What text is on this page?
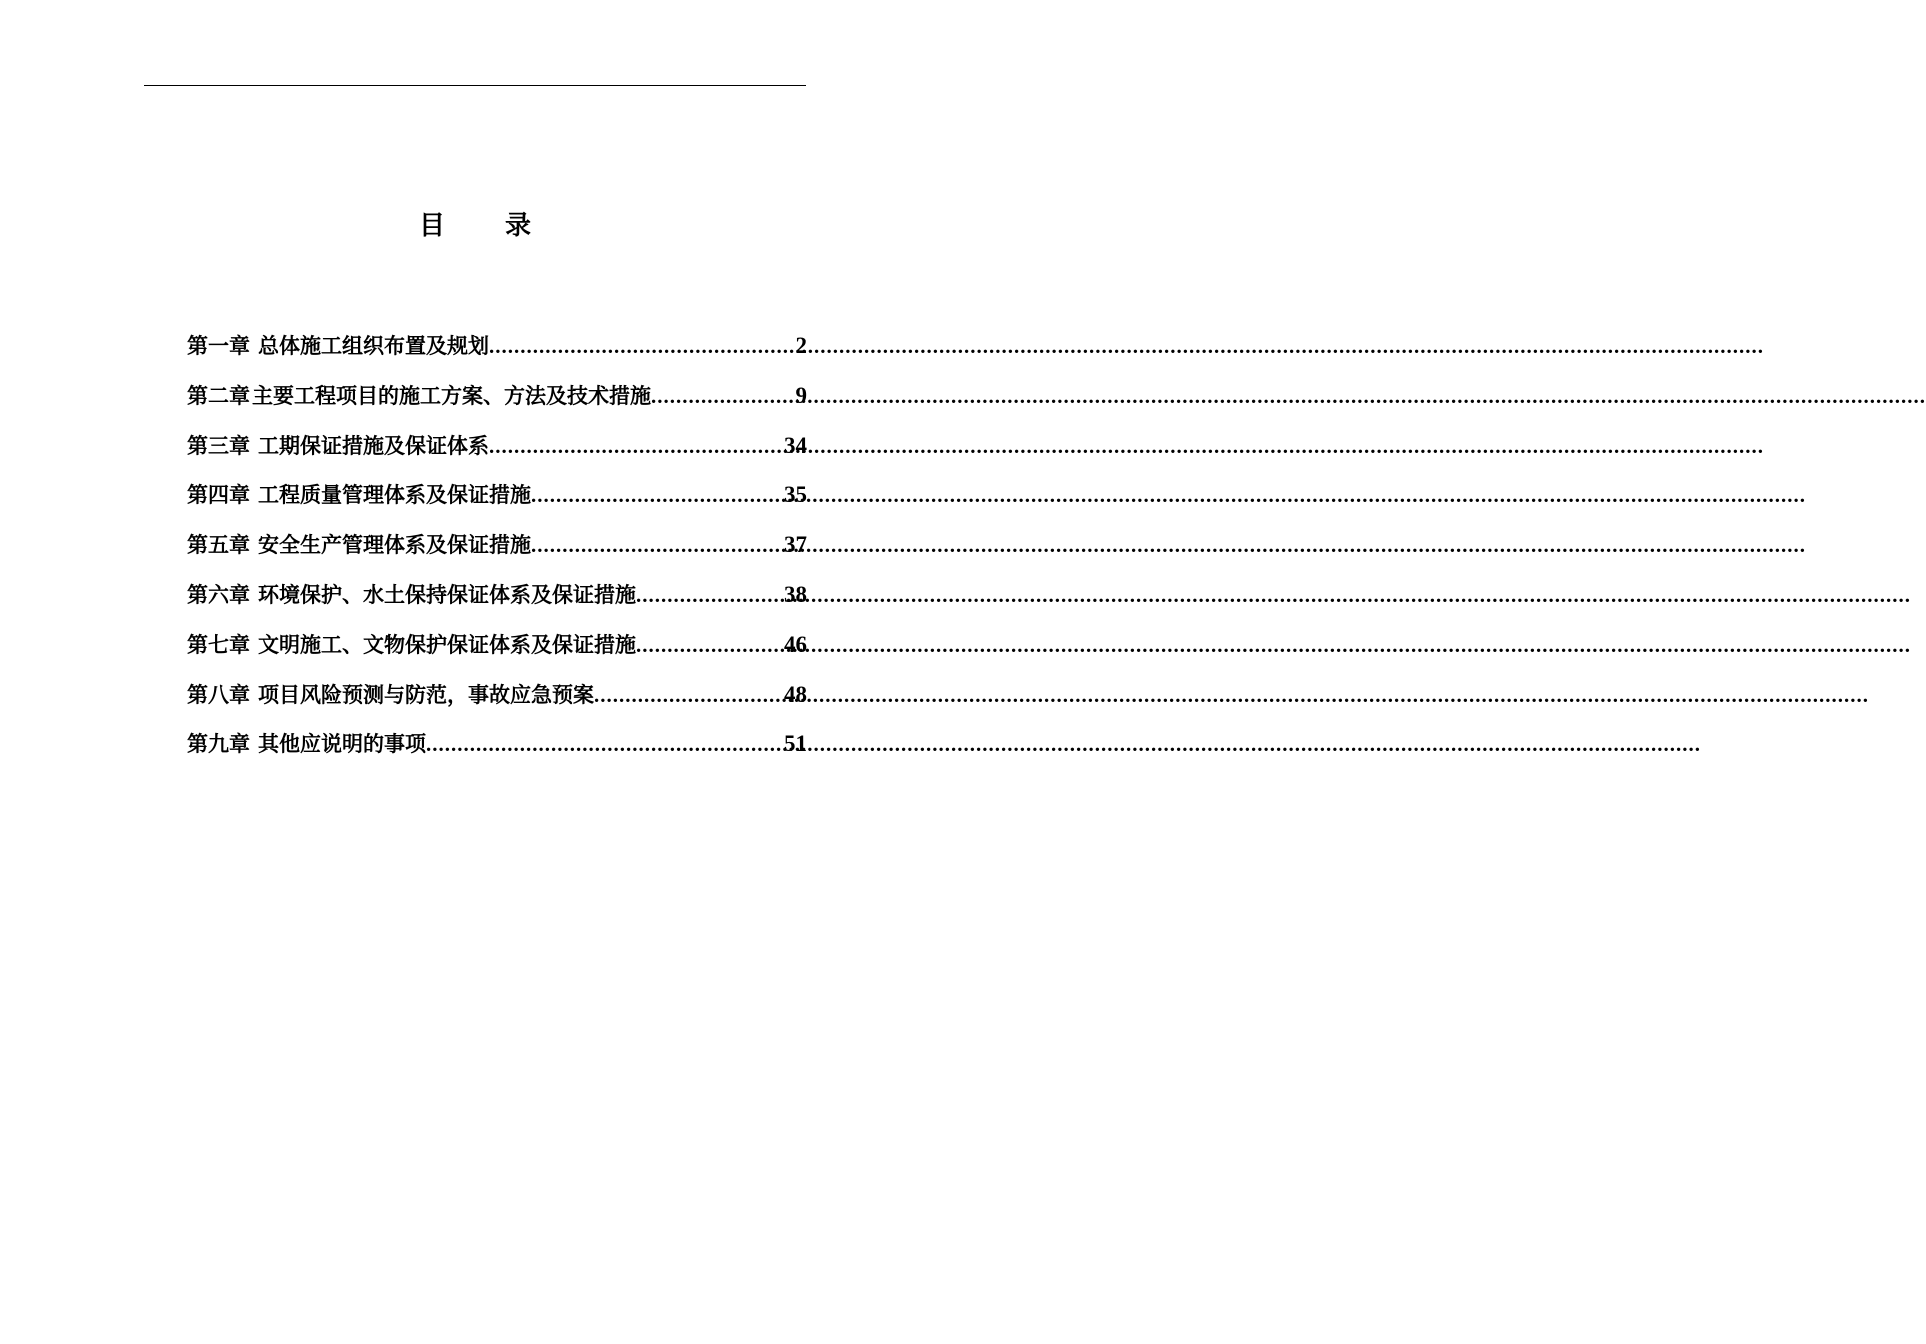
目录
第一章 总体施工组织布置及规划 .....	2
第二章 主要工程项目的施工方案、方法及技术措施 .....	9
第三章 工期保证措施及保证体系 .....	34
第四章 工程质量管理体系及保证措施 .....	35
第五章 安全生产管理体系及保证措施 .....	37
第六章 环境保护、水土保持保证体系及保证措施 .....	38
第七章 文明施工、文物保护保证体系及保证措施 .....	46
第八章 项目风险预测与防范，事故应急预案 .....	48
第九章 其他应说明的事项 .....	51
